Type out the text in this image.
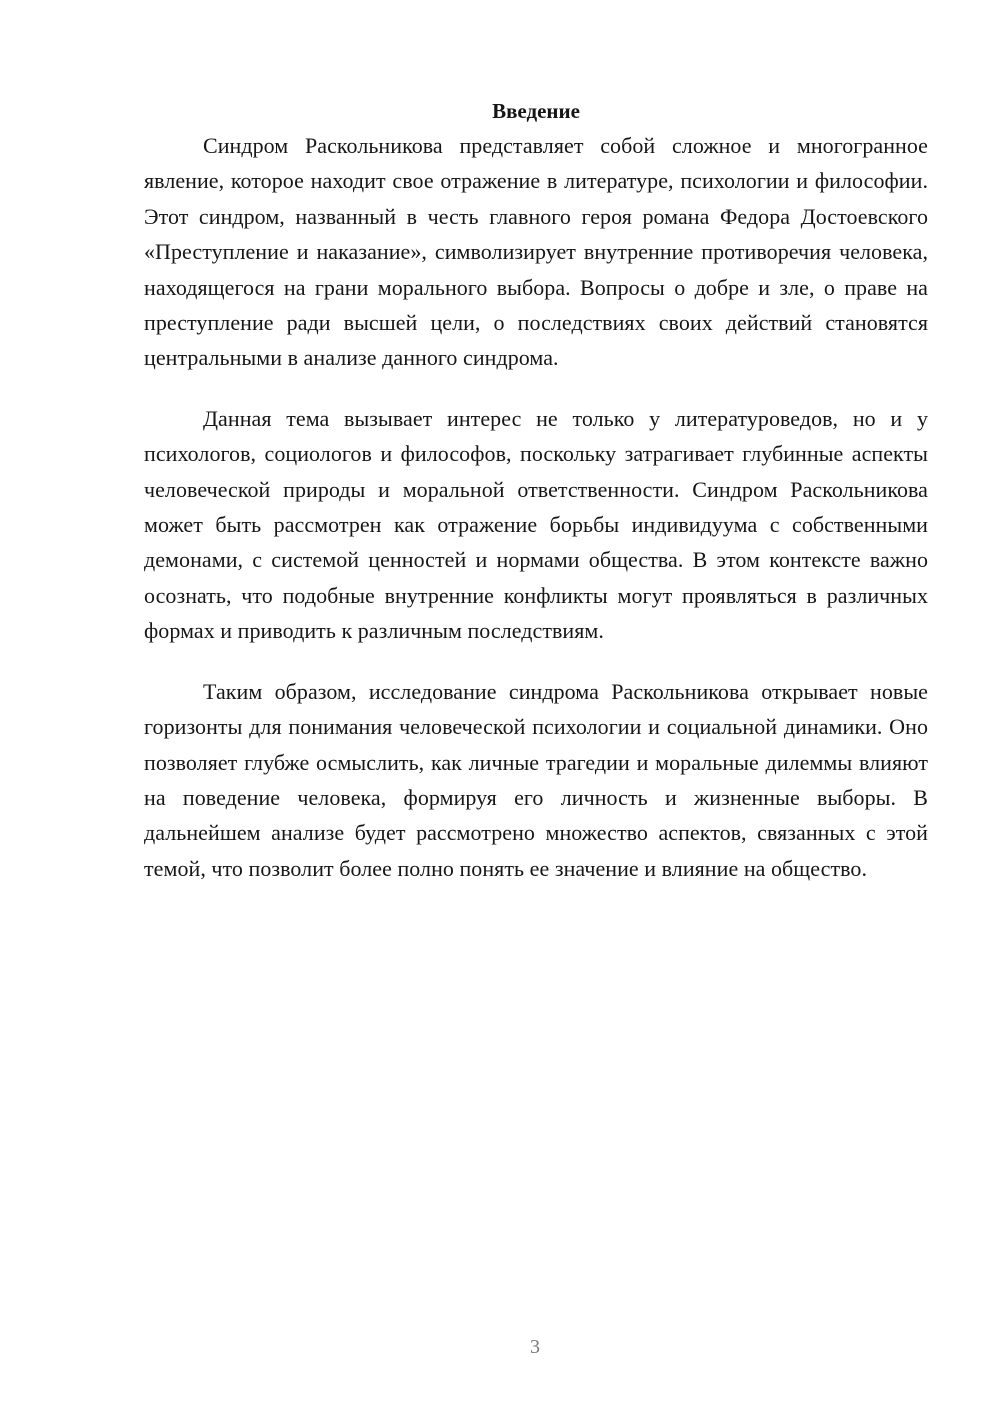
Введение

Синдром Раскольникова представляет собой сложное и многогранное явление, которое находит свое отражение в литературе, психологии и философии. Этот синдром, названный в честь главного героя романа Федора Достоевского «Преступление и наказание», символизирует внутренние противоречия человека, находящегося на грани морального выбора. Вопросы о добре и зле, о праве на преступление ради высшей цели, о последствиях своих действий становятся центральными в анализе данного синдрома.

Данная тема вызывает интерес не только у литературоведов, но и у психологов, социологов и философов, поскольку затрагивает глубинные аспекты человеческой природы и моральной ответственности. Синдром Раскольникова может быть рассмотрен как отражение борьбы индивидуума с собственными демонами, с системой ценностей и нормами общества. В этом контексте важно осознать, что подобные внутренние конфликты могут проявляться в различных формах и приводить к различным последствиям.

Таким образом, исследование синдрома Раскольникова открывает новые горизонты для понимания человеческой психологии и социальной динамики. Оно позволяет глубже осмыслить, как личные трагедии и моральные дилеммы влияют на поведение человека, формируя его личность и жизненные выборы. В дальнейшем анализе будет рассмотрено множество аспектов, связанных с этой темой, что позволит более полно понять ее значение и влияние на общество.

3
